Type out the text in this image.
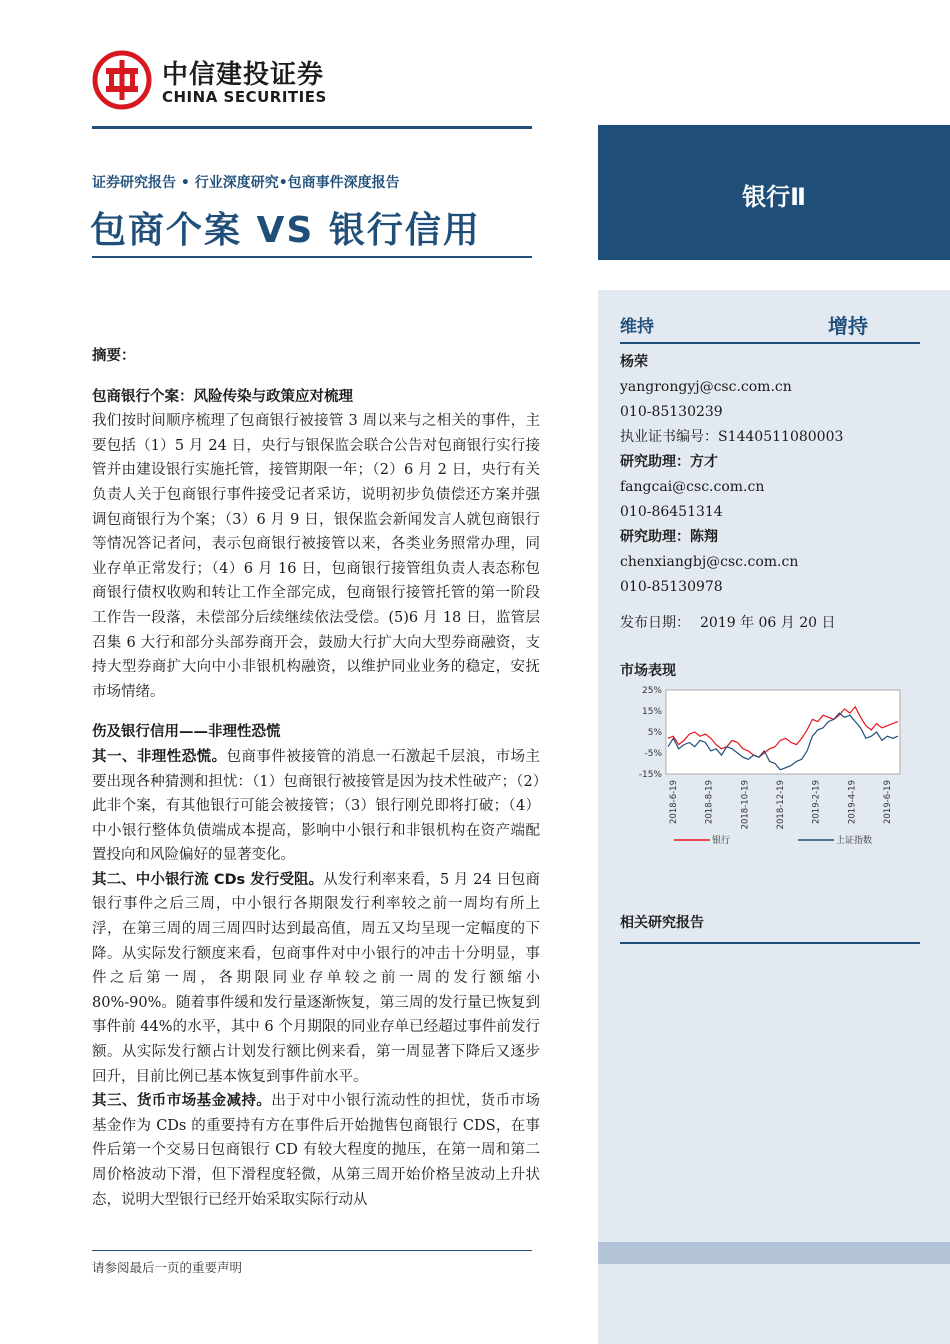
中信建投证券
CHINA SECURITIES
证券研究报告 • 行业深度研究•包商事件深度报告
包商个案 VS 银行信用
银行Ⅱ
维持	增持
杨荣
yangrongyj@csc.com.cn
010-85130239
执业证书编号：S1440511080003
研究助理：方才
fangcai@csc.com.cn
010-86451314
研究助理：陈翔
chenxiangbj@csc.com.cn
010-85130978
发布日期： 2019 年 06 月 20 日
市场表现
25%
15%
5%
-5%
-15%
2018-6-19	2018-8-19	2018-10-19	2018-12-19	2019-2-19	2019-4-19	2019-6-19
银行	上证指数
相关研究报告

摘要：

包商银行个案：风险传染与政策应对梳理

我们按时间顺序梳理了包商银行被接管 3 周以来与之相关的事件，主要包括（1）5 月 24 日，央行与银保监会联合公告对包商银行实行接管并由建设银行实施托管，接管期限一年；（2）6 月 2 日，央行有关负责人关于包商银行事件接受记者采访，说明初步负债偿还方案并强调包商银行为个案；（3）6 月 9 日，银保监会新闻发言人就包商银行等情况答记者问，表示包商银行被接管以来，各类业务照常办理，同业存单正常发行；（4）6 月 16 日，包商银行接管组负责人表态称包商银行债权收购和转让工作全部完成，包商银行接管托管的第一阶段工作告一段落，未偿部分后续继续依法受偿。(5)6 月 18 日，监管层召集 6 大行和部分头部券商开会，鼓励大行扩大向大型券商融资，支持大型券商扩大向中小非银机构融资，以维护同业业务的稳定，安抚市场情绪。

伤及银行信用——非理性恐慌

其一、非理性恐慌。包商事件被接管的消息一石激起千层浪，市场主要出现各种猜测和担忧：（1）包商银行被接管是因为技术性破产；（2）此非个案，有其他银行可能会被接管；（3）银行刚兑即将打破；（4）中小银行整体负债端成本提高，影响中小银行和非银机构在资产端配置投向和风险偏好的显著变化。

其二、中小银行流 CDs 发行受阻。从发行利率来看，5 月 24 日包商银行事件之后三周，中小银行各期限发行利率较之前一周均有所上浮，在第三周的周三周四时达到最高值，周五又均呈现一定幅度的下降。从实际发行额度来看，包商事件对中小银行的冲击十分明显，事件之后第一周，各期限同业存单较之前一周的发行额缩小 80%-90%。随着事件缓和发行量逐渐恢复，第三周的发行量已恢复到事件前 44%的水平，其中 6 个月期限的同业存单已经超过事件前发行额。从实际发行额占计划发行额比例来看，第一周显著下降后又逐步回升，目前比例已基本恢复到事件前水平。

其三、货币市场基金减持。出于对中小银行流动性的担忧，货币市场基金作为 CDs 的重要持有方在事件后开始抛售包商银行 CDS，在事件后第一个交易日包商银行 CD 有较大程度的抛压，在第一周和第二周价格波动下滑，但下滑程度轻微，从第三周开始价格呈波动上升状态，说明大型银行已经开始采取实际行动从

请参阅最后一页的重要声明
